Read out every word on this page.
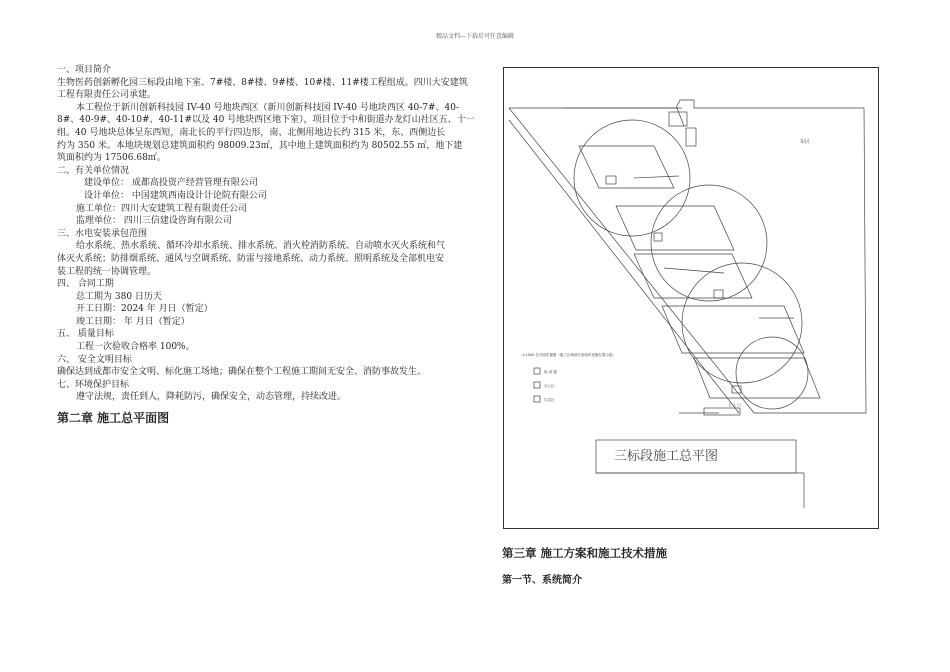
精品文档---下载后可任意编辑

一、项目简介

生物医药创新孵化园三标段由地下室、7#楼、8#楼、9#楼、10#楼、11#楼工程组成。四川大安建筑

工程有限责任公司承建。

本工程位于新川创新科技园 IV-40 号地块西区（新川创新科技园 IV-40 号地块西区 40-7#、40-

8#、40-9#、40-10#、40-11#以及 40 号地块西区地下室），项目位于中和街道办龙灯山社区五、十一

组。40 号地块总体呈东西短，南北长的平行四边形，南、北侧用地边长约 315 米，东、西侧边长

约为 350 米。本地块规划总建筑面积约 98009.23㎡，其中地上建筑面积约为 80502.55 ㎡，地下建

筑面积约为 17506.68㎡。

二、有关单位情况

建设单位： 成都高投资产经营管理有限公司

设计单位： 中国建筑西南设计计论院有限公司

施工单位：四川大安建筑工程有限责任公司

监理单位： 四川三信建设咨询有限公司

三、水电安装承包范围

给水系统、热水系统、循环冷却水系统、排水系统、消火栓消防系统、自动喷水灭火系统和气

体灭火系统；防排烟系统、通风与空调系统、防雷与接地系统、动力系统、照明系统及全部机电安

装工程的统一协调管理。

四、 合同工期

总工期为 380 日历天

开工日期：2024 年 月日（暂定）

竣工日期： 年 月日（暂定）

五、 质量目标

工程一次验收合格率 100%。

六、 安全文明目标

确保达到成都市安全文明、标化施工场地；确保在整个工程施工期间无安全、消防事故发生。

七、环境保护目标

遵守法规，责任到人，降耗防污，确保安全，动态管理，持续改进。

第二章 施工总平面图

东区
1:1000 总平面布置图（施工区域划分及临时设施位置示意）
临 设 施
办公区
生活区
主 入 口
三标段施工总平图
第三章 施工方案和施工技术措施
第一节、系统简介
